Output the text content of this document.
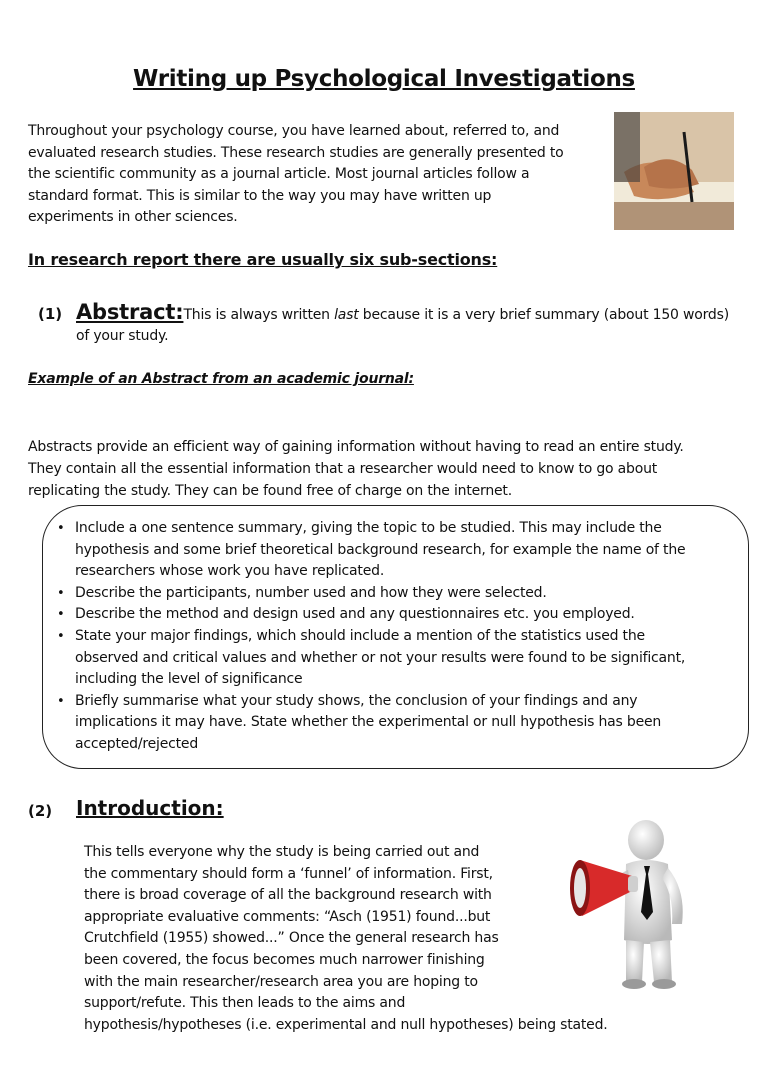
Writing up Psychological Investigations
Throughout your psychology course, you have learned about, referred to, and
evaluated research studies. These research studies are generally presented to
the scientific community as a journal article. Most journal articles follow a
standard format. This is similar to the way you may have written up
experiments in other sciences.
In research report there are usually six sub-sections:
(1) Abstract:This is always written last because it is a very brief summary (about 150 words)
of your study.
Example of an Abstract from an academic journal:
Abstracts provide an efficient way of gaining information without having to read an entire study.
They contain all the essential information that a researcher would need to know to go about
replicating the study. They can be found free of charge on the internet.
• Include a one sentence summary, giving the topic to be studied. This may include the
hypothesis and some brief theoretical background research, for example the name of the
researchers whose work you have replicated.
• Describe the participants, number used and how they were selected.
• Describe the method and design used and any questionnaires etc. you employed.
• State your major findings, which should include a mention of the statistics used the
observed and critical values and whether or not your results were found to be significant,
including the level of significance
• Briefly summarise what your study shows, the conclusion of your findings and any
implications it may have. State whether the experimental or null hypothesis has been
accepted/rejected
(2) Introduction:
This tells everyone why the study is being carried out and
the commentary should form a ‘funnel’ of information. First,
there is broad coverage of all the background research with
appropriate evaluative comments: “Asch (1951) found...but
Crutchfield (1955) showed...” Once the general research has
been covered, the focus becomes much narrower finishing
with the main researcher/research area you are hoping to
support/refute. This then leads to the aims and
hypothesis/hypotheses (i.e. experimental and null hypotheses) being stated.
